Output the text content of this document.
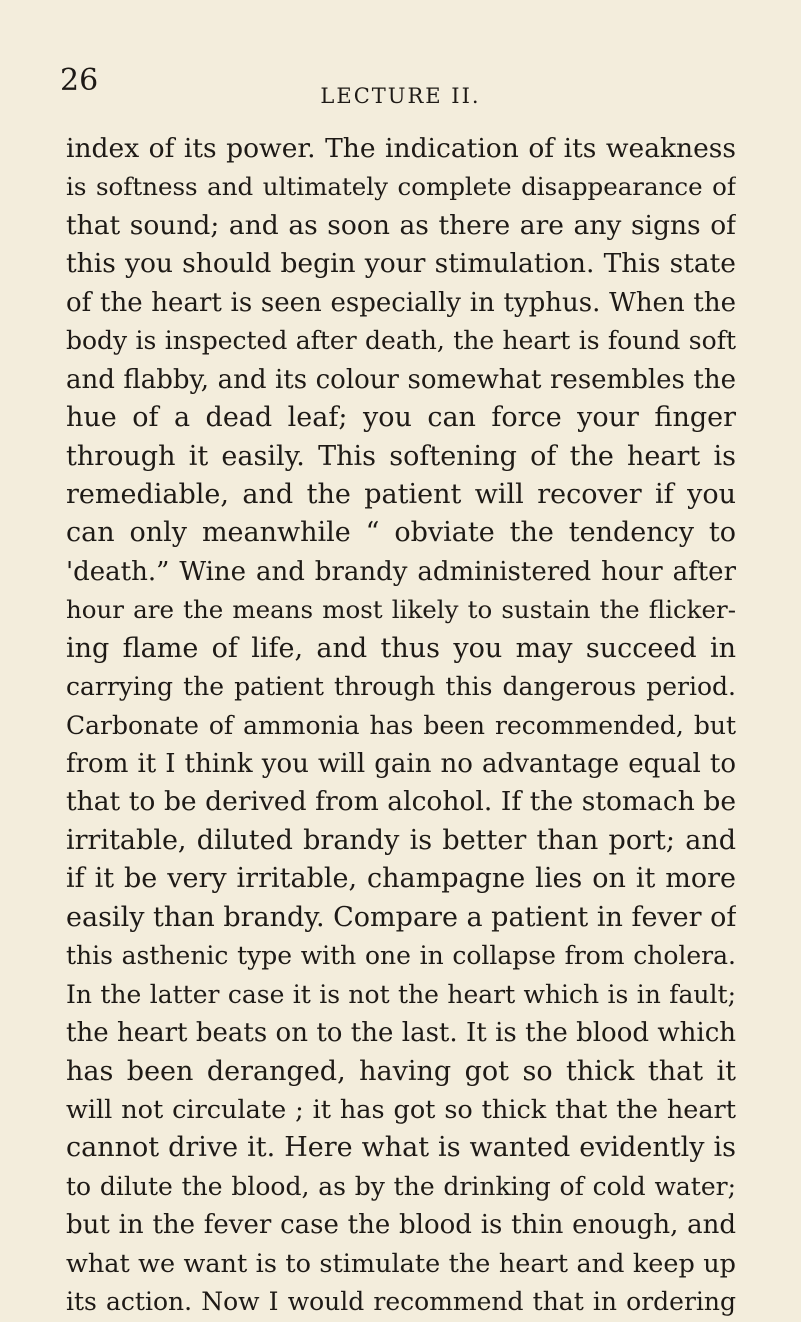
26	LECTURE II.
index of its power. The indication of its weakness
is softness and ultimately complete disappearance of
that sound; and as soon as there are any signs of
this you should begin your stimulation. This state
of the heart is seen especially in typhus. When the
body is inspected after death, the heart is found soft
and flabby, and its colour somewhat resembles the
hue of a dead leaf; you can force your finger
through it easily. This softening of the heart is
remediable, and the patient will recover if you
can only meanwhile “ obviate the tendency to
'death.” Wine and brandy administered hour after
hour are the means most likely to sustain the flicker-
ing flame of life, and thus you may succeed in
carrying the patient through this dangerous period.
Carbonate of ammonia has been recommended, but
from it I think you will gain no advantage equal to
that to be derived from alcohol. If the stomach be
irritable, diluted brandy is better than port; and
if it be very irritable, champagne lies on it more
easily than brandy. Compare a patient in fever of
this asthenic type with one in collapse from cholera.
In the latter case it is not the heart which is in fault;
the heart beats on to the last. It is the blood which
has been deranged, having got so thick that it
will not circulate ; it has got so thick that the heart
cannot drive it. Here what is wanted evidently is
to dilute the blood, as by the drinking of cold water;
but in the fever case the blood is thin enough, and
what we want is to stimulate the heart and keep up
its action. Now I would recommend that in ordering
